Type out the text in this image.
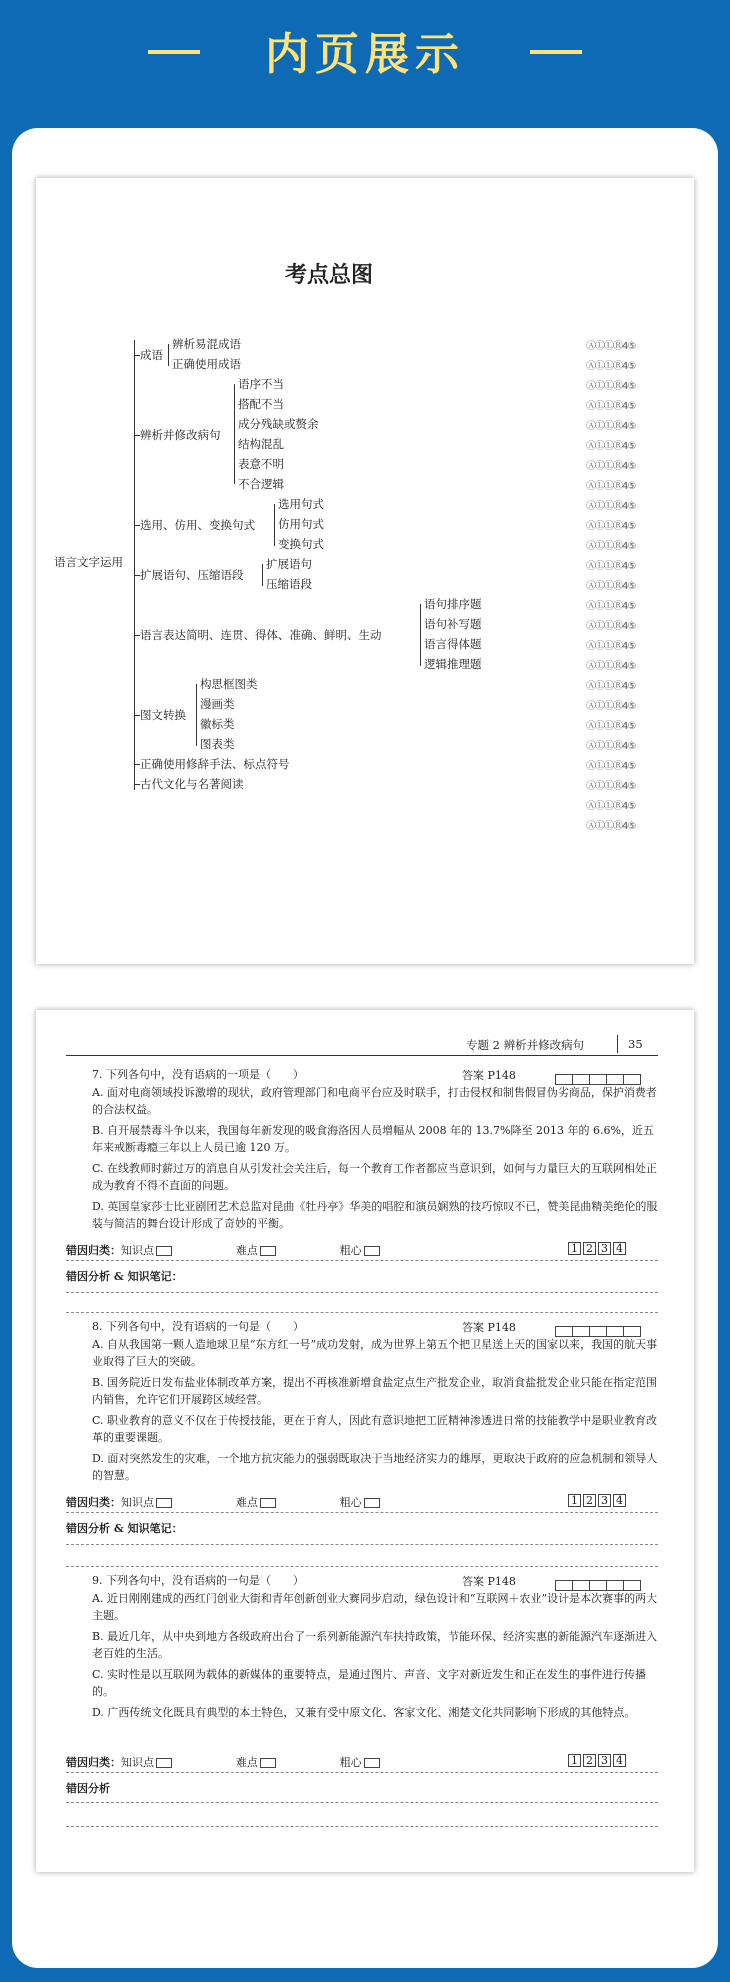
内页展示
考点总图
语言文字运用
成语
辨析易混成语
正确使用成语
辨析并修改病句
语序不当
搭配不当
成分残缺或赘余
结构混乱
表意不明
不合逻辑
选用、仿用、变换句式
选用句式
仿用句式
变换句式
扩展语句、压缩语段
扩展语句
压缩语段
语言表达简明、连贯、得体、准确、鲜明、生动
语句排序题
语句补写题
语言得体题
逻辑推理题
图文转换
构思框图类
漫画类
徽标类
图表类
正确使用修辞手法、标点符号
古代文化与名著阅读
ⒶⓁⓁⓇ4⑤
ⒶⓁⓁⓇ4⑤
ⒶⓁⓁⓇ4⑤
ⒶⓁⓁⓇ4⑤
ⒶⓁⓁⓇ4⑤
ⒶⓁⓁⓇ4⑤
ⒶⓁⓁⓇ4⑤
ⒶⓁⓁⓇ4⑤
ⒶⓁⓁⓇ4⑤
ⒶⓁⓁⓇ4⑤
ⒶⓁⓁⓇ4⑤
ⒶⓁⓁⓇ4⑤
ⒶⓁⓁⓇ4⑤
ⒶⓁⓁⓇ4⑤
ⒶⓁⓁⓇ4⑤
ⒶⓁⓁⓇ4⑤
ⒶⓁⓁⓇ4⑤
ⒶⓁⓁⓇ4⑤
ⒶⓁⓁⓇ4⑤
ⒶⓁⓁⓇ4⑤
ⒶⓁⓁⓇ4⑤
ⒶⓁⓁⓇ4⑤
ⒶⓁⓁⓇ4⑤
ⒶⓁⓁⓇ4⑤
ⒶⓁⓁⓇ4⑤
专题 2 辨析并修改病句	35
7. 下列各句中，没有语病的一项是（　　）	答案 P148
A. 面对电商领域投诉激增的现状，政府管理部门和电商平台应及时联手，打击侵权和制售假冒伪劣商品，保护消费者的合法权益。
B. 自开展禁毒斗争以来，我国每年新发现的吸食海洛因人员增幅从 2008 年的 13.7%降至 2013 年的 6.6%，近五年来戒断毒瘾三年以上人员已逾 120 万。
C. 在线教师时薪过万的消息自从引发社会关注后，每一个教育工作者都应当意识到，如何与力量巨大的互联网相处正成为教育不得不直面的问题。
D. 英国皇家莎士比亚剧团艺术总监对昆曲《牡丹亭》华美的唱腔和演员娴熟的技巧惊叹不已，赞美昆曲精美绝伦的服装与简洁的舞台设计形成了奇妙的平衡。
错因归类：知识点	难点	粗心	1 2 3 4
错因分析 & 知识笔记：
8. 下列各句中，没有语病的一句是（　　）	答案 P148
A. 自从我国第一颗人造地球卫星“东方红一号”成功发射，成为世界上第五个把卫星送上天的国家以来，我国的航天事业取得了巨大的突破。
B. 国务院近日发布盐业体制改革方案，提出不再核准新增食盐定点生产批发企业，取消食盐批发企业只能在指定范围内销售，允许它们开展跨区域经营。
C. 职业教育的意义不仅在于传授技能，更在于育人，因此有意识地把工匠精神渗透进日常的技能教学中是职业教育改革的重要课题。
D. 面对突然发生的灾难，一个地方抗灾能力的强弱既取决于当地经济实力的雄厚，更取决于政府的应急机制和领导人的智慧。
错因归类：知识点	难点	粗心	1 2 3 4
错因分析 & 知识笔记：
9. 下列各句中，没有语病的一句是（　　）	答案 P148
A. 近日刚刚建成的西红门创业大街和青年创新创业大赛同步启动，绿色设计和“互联网＋农业”设计是本次赛事的两大主题。
B. 最近几年，从中央到地方各级政府出台了一系列新能源汽车扶持政策，节能环保、经济实惠的新能源汽车逐渐进入老百姓的生活。
C. 实时性是以互联网为载体的新媒体的重要特点，是通过图片、声音、文字对新近发生和正在发生的事件进行传播的。
D. 广西传统文化既具有典型的本土特色，又兼有受中原文化、客家文化、湘楚文化共同影响下形成的其他特点。
错因归类：知识点	难点	粗心	1 2 3 4
错因分析
